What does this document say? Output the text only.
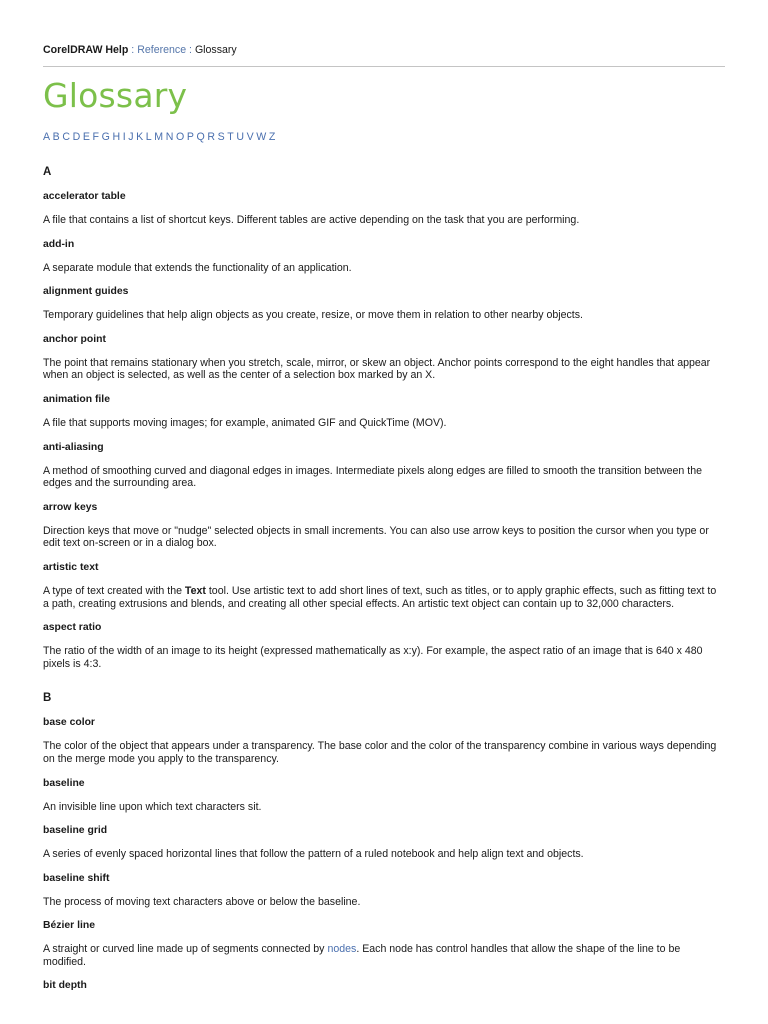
CorelDRAW Help : Reference : Glossary
Glossary
A B C D E F G H I J K L M N O P Q R S T U V W Z
A
accelerator table
A file that contains a list of shortcut keys. Different tables are active depending on the task that you are performing.
add-in
A separate module that extends the functionality of an application.
alignment guides
Temporary guidelines that help align objects as you create, resize, or move them in relation to other nearby objects.
anchor point
The point that remains stationary when you stretch, scale, mirror, or skew an object. Anchor points correspond to the eight handles that appear when an object is selected, as well as the center of a selection box marked by an X.
animation file
A file that supports moving images; for example, animated GIF and QuickTime (MOV).
anti-aliasing
A method of smoothing curved and diagonal edges in images. Intermediate pixels along edges are filled to smooth the transition between the edges and the surrounding area.
arrow keys
Direction keys that move or "nudge" selected objects in small increments. You can also use arrow keys to position the cursor when you type or edit text on-screen or in a dialog box.
artistic text
A type of text created with the Text tool. Use artistic text to add short lines of text, such as titles, or to apply graphic effects, such as fitting text to a path, creating extrusions and blends, and creating all other special effects. An artistic text object can contain up to 32,000 characters.
aspect ratio
The ratio of the width of an image to its height (expressed mathematically as x:y). For example, the aspect ratio of an image that is 640 x 480 pixels is 4:3.
B
base color
The color of the object that appears under a transparency. The base color and the color of the transparency combine in various ways depending on the merge mode you apply to the transparency.
baseline
An invisible line upon which text characters sit.
baseline grid
A series of evenly spaced horizontal lines that follow the pattern of a ruled notebook and help align text and objects.
baseline shift
The process of moving text characters above or below the baseline.
Bézier line
A straight or curved line made up of segments connected by nodes. Each node has control handles that allow the shape of the line to be modified.
bit depth
